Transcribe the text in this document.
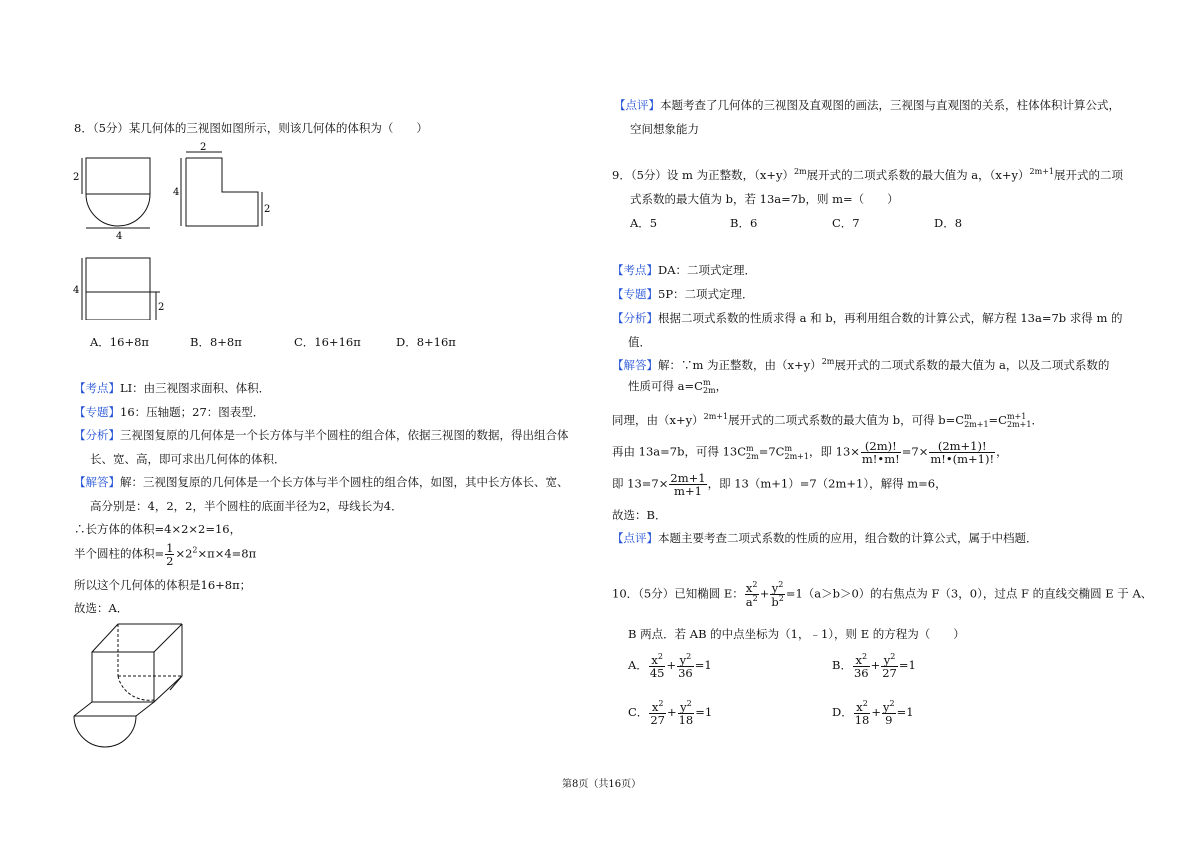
8．（5分）某几何体的三视图如图所示，则该几何体的体积为（　　）
2
4
2
4
2
4
2
A．16+8π	B．8+8π	C．16+16π	D．8+16π
【考点】LI：由三视图求面积、体积．
【专题】16：压轴题；27：图表型．
【分析】三视图复原的几何体是一个长方体与半个圆柱的组合体，依据三视图的数据，得出组合体
长、宽、高，即可求出几何体的体积．
【解答】解：三视图复原的几何体是一个长方体与半个圆柱的组合体，如图，其中长方体长、宽、
高分别是：4，2，2，半个圆柱的底面半径为2，母线长为4．
∴长方体的体积=4×2×2=16，
半个圆柱的体积= $\frac{1}{2} \times 2^2\times\pi\times 4=8\pi$
所以这个几何体的体积是16+8π；
故选：A．
【点评】本题考查了几何体的三视图及直观图的画法，三视图与直观图的关系，柱体体积计算公式，
空间想象能力
9．（5分）设 m 为正整数，$(x+y)^{2m}$展开式的二项式系数的最大值为 a，$(x+y)^{2m+1}$展开式的二项
式系数的最大值为 b，若 13a=7b，则 m=（　　）
A．5	B．6	C．7	D．8
【考点】DA：二项式定理．
【专题】5P：二项式定理．
【分析】根据二项式系数的性质求得 a 和 b，再利用组合数的计算公式，解方程 13a=7b 求得 m 的
值．
【解答】解：∵m 为正整数，由$(x+y)^{2m}$展开式的二项式系数的最大值为 a，以及二项式系数的
性质可得 a=C m
2m ，
同理，由$(x+y)^{2m+1}$展开式的二项式系数的最大值为 b，可得 b=C m
2m+1 =C m+1
2m+1 ．
再由 13a=7b，可得 13C m
2m =7C m
2m+1 ，即 $13\times \frac{(2m)!}{m!•m!} =7\times \frac{(2m+1)!}{m!•(m+1)!}$ ，
即 $13=7\times \frac{2m+1}{m+1}$ ，即 13（m+1）=7（2m+1），解得 m=6，
故选：B．
【点评】本题主要考查二项式系数的性质的应用，组合数的计算公式，属于中档题．
10．（5分）已知椭圆 E： $\frac{x^2}{a^2} + \frac{y^2}{b^2} =1(a>b>0)$的右焦点为 F（3，0），过点 F 的直线交椭圆 E 于 A、
B 两点．若 AB 的中点坐标为（1，﹣1），则 E 的方程为（　　）
A． $\frac{x^2}{45} + \frac{y^2}{36} =1$	B． $\frac{x^2}{36} + \frac{y^2}{27} =1$
C． $\frac{x^2}{27} + \frac{y^2}{18} =1$	D． $\frac{x^2}{18} + \frac{y^2}{9} =1$
第8页（共16页）
